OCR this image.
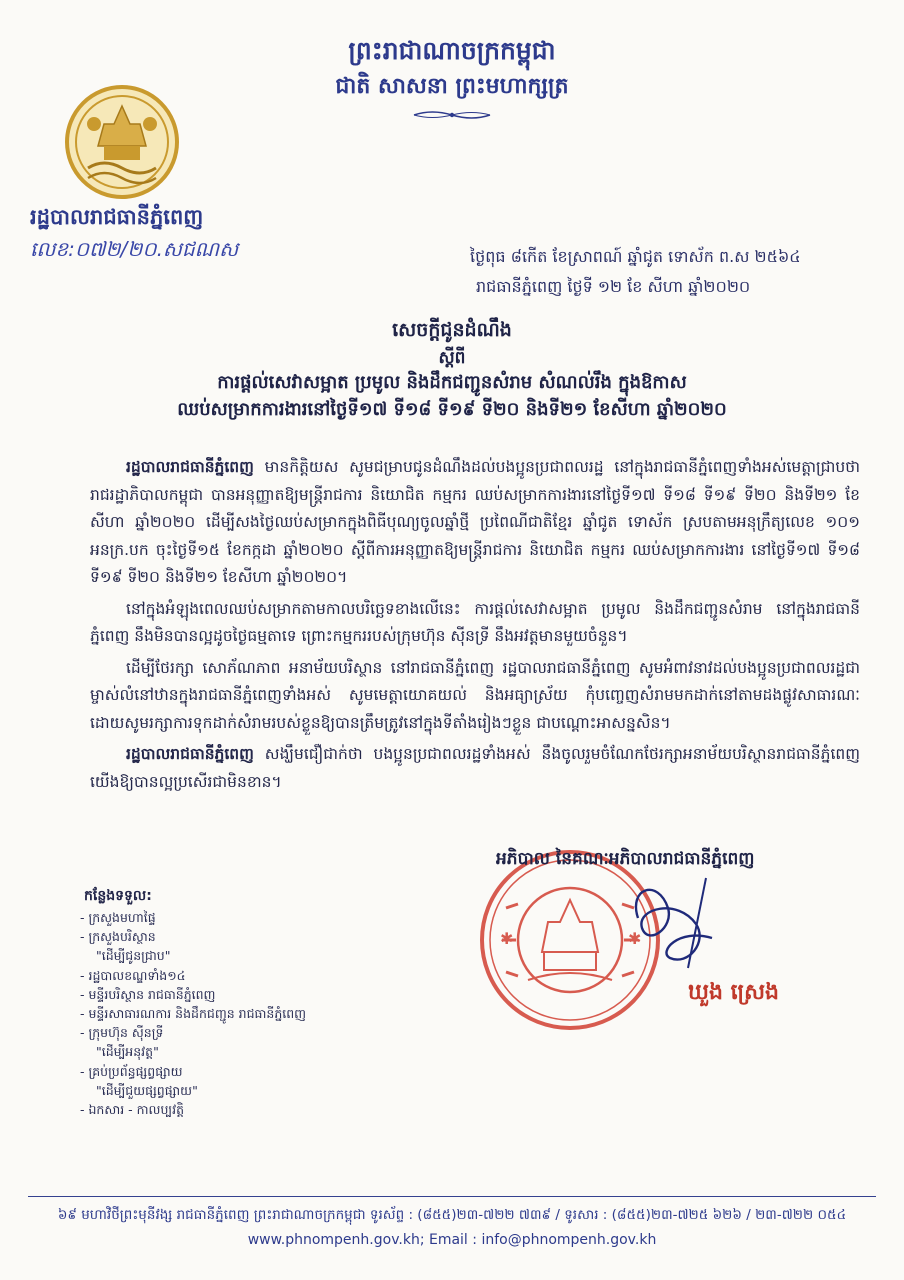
ព្រះរាជាណាចក្រកម្ពុជា
ជាតិ សាសនា ព្រះមហាក្សត្រ
រដ្ឋបាលរាជធានីភ្នំពេញ
លេខ:០៧២/២០.សជណស	ថ្ងៃពុធ ៨កើត ខែស្រាពណ៍ ឆ្នាំជូត ទោស័ក ព.ស ២៥៦៤
រាជធានីភ្នំពេញ ថ្ងៃទី ១២ ខែ សីហា ឆ្នាំ២០២០
សេចក្តីជូនដំណឹង
ស្តីពី
ការផ្តល់សេវាសម្អាត ប្រមូល និងដឹកជញ្ជូនសំរាម សំណល់រឹង ក្នុងឱកាស
ឈប់សម្រាកការងារនៅថ្ងៃទី១៧ ទី១៨ ទី១៩ ទី២០ និងទី២១ ខែសីហា ឆ្នាំ២០២០

រដ្ឋបាលរាជធានីភ្នំពេញ មានកិត្តិយស សូមជម្រាបជូនដំណឹងដល់បងប្អូនប្រជាពលរដ្ឋ នៅក្នុងរាជធានីភ្នំពេញទាំងអស់មេត្តាជ្រាបថា រាជរដ្ឋាភិបាលកម្ពុជា បានអនុញ្ញាតឱ្យមន្ត្រីរាជការ និយោជិត កម្មករ ឈប់សម្រាកការងារនៅថ្ងៃទី១៧ ទី១៨ ទី១៩ ទី២០ និងទី២១ ខែសីហា ឆ្នាំ២០២០ ដើម្បីសងថ្ងៃឈប់សម្រាកក្នុងពិធីបុណ្យចូលឆ្នាំថ្មី ប្រពៃណីជាតិខ្មែរ ឆ្នាំជូត ទោស័ក ស្របតាមអនុក្រឹត្យលេខ ១០១ អនក្រ.បក ចុះថ្ងៃទី១៥ ខែកក្កដា ឆ្នាំ២០២០ ស្តីពីការអនុញ្ញាតឱ្យមន្ត្រីរាជការ និយោជិត កម្មករ ឈប់សម្រាកការងារ នៅថ្ងៃទី១៧ ទី១៨ ទី១៩ ទី២០ និងទី២១ ខែសីហា ឆ្នាំ២០២០។

នៅក្នុងអំឡុងពេលឈប់សម្រាកតាមកាលបរិច្ឆេទខាងលើនេះ ការផ្តល់សេវាសម្អាត ប្រមូល និងដឹកជញ្ជូនសំរាម នៅក្នុងរាជធានីភ្នំពេញ នឹងមិនបានល្អដូចថ្ងៃធម្មតាទេ ព្រោះកម្មកររបស់ក្រុមហ៊ុន ស៊ីនទ្រី នឹងអវត្តមានមួយចំនួន។

ដើម្បីថែរក្សា សោភ័ណភាព អនាម័យបរិស្ថាន នៅរាជធានីភ្នំពេញ រដ្ឋបាលរាជធានីភ្នំពេញ សូមអំពាវនាវដល់បងប្អូនប្រជាពលរដ្ឋជាម្ចាស់លំនៅឋានក្នុងរាជធានីភ្នំពេញទាំងអស់ សូមមេត្តាយោគយល់ និងអធ្យាស្រ័យ កុំបញ្ចេញសំរាមមកដាក់នៅតាមដងផ្លូវសាធារណៈ ដោយសូមរក្សាការទុកដាក់សំរាមរបស់ខ្លួនឱ្យបានត្រឹមត្រូវនៅក្នុងទីតាំងរៀងៗខ្លួន ជាបណ្តោះអាសន្នសិន។

រដ្ឋបាលរាជធានីភ្នំពេញ សង្ឃឹមជឿជាក់ថា បងប្អូនប្រជាពលរដ្ឋទាំងអស់ នឹងចូលរួមចំណែកថែរក្សាអនាម័យបរិស្ថានរាជធានីភ្នំពេញយើងឱ្យបានល្អប្រសើរជាមិនខាន។

✱	✱
អភិបាល នៃគណៈអភិបាលរាជធានីភ្នំពេញ
ឃួង ស្រេង
កន្លែងទទួល:
- ក្រសួងមហាផ្ទៃ
- ក្រសួងបរិស្ថាន
"ដើម្បីជូនជ្រាប"
- រដ្ឋបាលខណ្ឌទាំង១៤
- មន្ទីរបរិស្ថាន រាជធានីភ្នំពេញ
- មន្ទីរសាធារណការ និងដឹកជញ្ជូន រាជធានីភ្នំពេញ
- ក្រុមហ៊ុន ស៊ីនទ្រី
"ដើម្បីអនុវត្ត"
- គ្រប់ប្រព័ន្ធផ្សព្វផ្សាយ
"ដើម្បីជួយផ្សព្វផ្សាយ"
- ឯកសារ - កាលប្បវត្តិ
៦៩ មហាវិថីព្រះមុនីវង្ស រាជធានីភ្នំពេញ ព្រះរាជាណាចក្រកម្ពុជា ទូរស័ព្ទ : (៨៥៥)២៣-៧២២ ៧៣៩ / ទូរសារ : (៨៥៥)២៣-៧២៥ ៦២៦ / ២៣-៧២២ ០៥៤
www.phnompenh.gov.kh; Email : info@phnompenh.gov.kh
